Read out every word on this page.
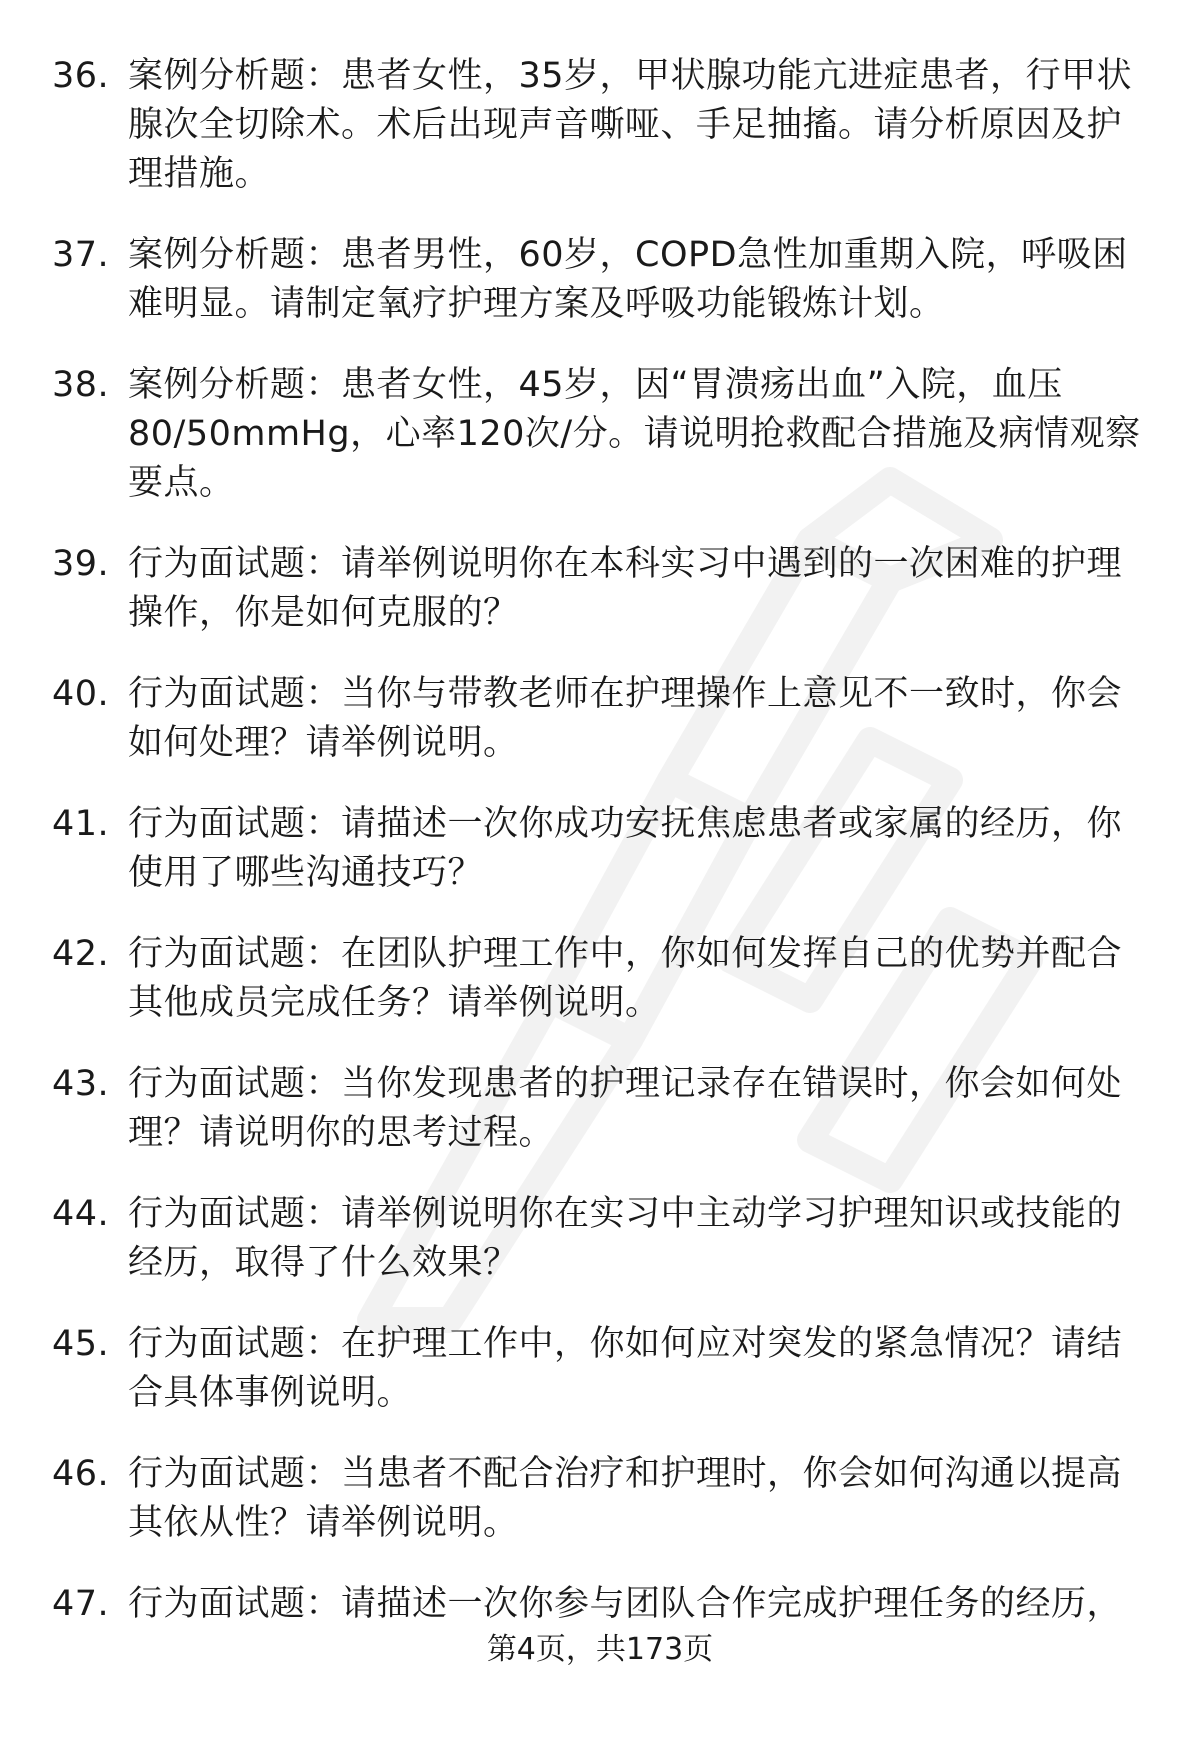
36. 案例分析题：患者女性，35岁，甲状腺功能亢进症患者，行甲状腺次全切除术。术后出现声音嘶哑、手足抽搐。请分析原因及护理措施。
37. 案例分析题：患者男性，60岁，COPD急性加重期入院，呼吸困难明显。请制定氧疗护理方案及呼吸功能锻炼计划。
38. 案例分析题：患者女性，45岁，因“胃溃疡出血”入院，血压80/50mmHg，心率120次/分。请说明抢救配合措施及病情观察要点。
39. 行为面试题：请举例说明你在本科实习中遇到的一次困难的护理操作，你是如何克服的？
40. 行为面试题：当你与带教老师在护理操作上意见不一致时，你会如何处理？请举例说明。
41. 行为面试题：请描述一次你成功安抚焦虑患者或家属的经历，你使用了哪些沟通技巧？
42. 行为面试题：在团队护理工作中，你如何发挥自己的优势并配合其他成员完成任务？请举例说明。
43. 行为面试题：当你发现患者的护理记录存在错误时，你会如何处理？请说明你的思考过程。
44. 行为面试题：请举例说明你在实习中主动学习护理知识或技能的经历，取得了什么效果？
45. 行为面试题：在护理工作中，你如何应对突发的紧急情况？请结合具体事例说明。
46. 行为面试题：当患者不配合治疗和护理时，你会如何沟通以提高其依从性？请举例说明。
47. 行为面试题：请描述一次你参与团队合作完成护理任务的经历，
第4页，共173页
